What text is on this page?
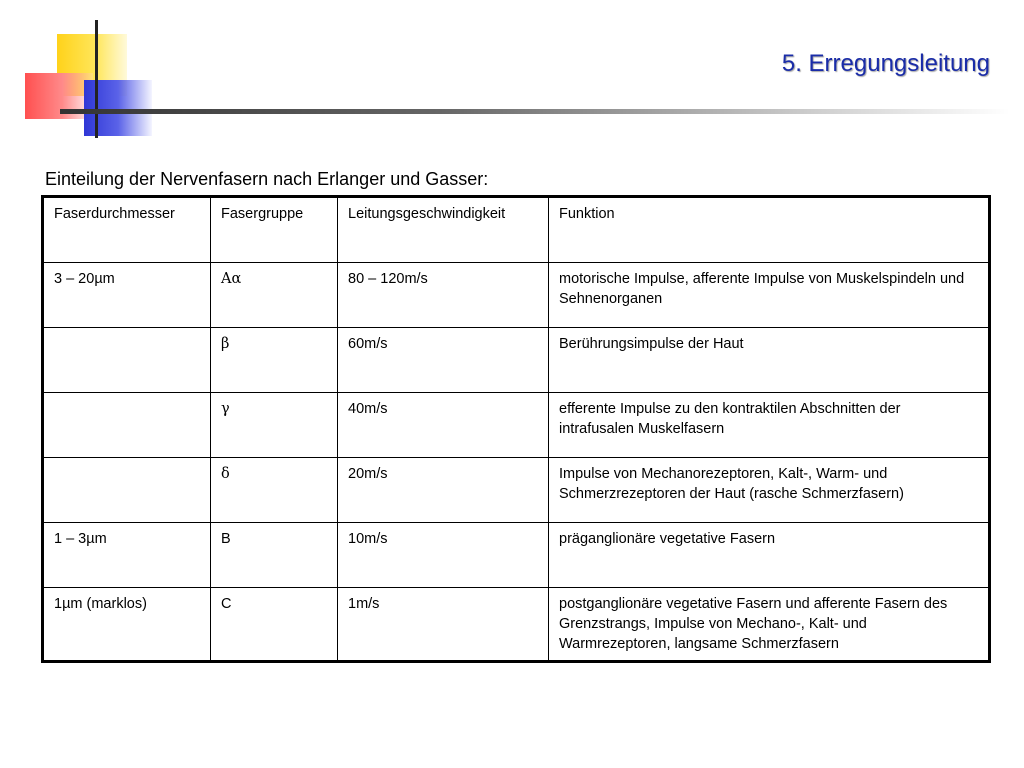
5. Erregungsleitung
Einteilung der Nervenfasern nach Erlanger und Gasser:
Faserdurchmesser	Fasergruppe	Leitungsgeschwindigkeit	Funktion
3 – 20µm	Aα	80 – 120m/s	motorische Impulse, afferente Impulse von Muskelspindeln und Sehnenorganen
	β	60m/s	Berührungsimpulse der Haut
	γ	40m/s	efferente Impulse zu den kontraktilen Abschnitten der intrafusalen Muskelfasern
	δ	20m/s	Impulse von Mechanorezeptoren, Kalt-, Warm- und Schmerzrezeptoren der Haut (rasche Schmerzfasern)
1 – 3µm	B	10m/s	präganglionäre vegetative Fasern
1µm (marklos)	C	1m/s	postganglionäre vegetative Fasern und afferente Fasern des Grenzstrangs, Impulse von Mechano-, Kalt- und Warmrezeptoren, langsame Schmerzfasern
